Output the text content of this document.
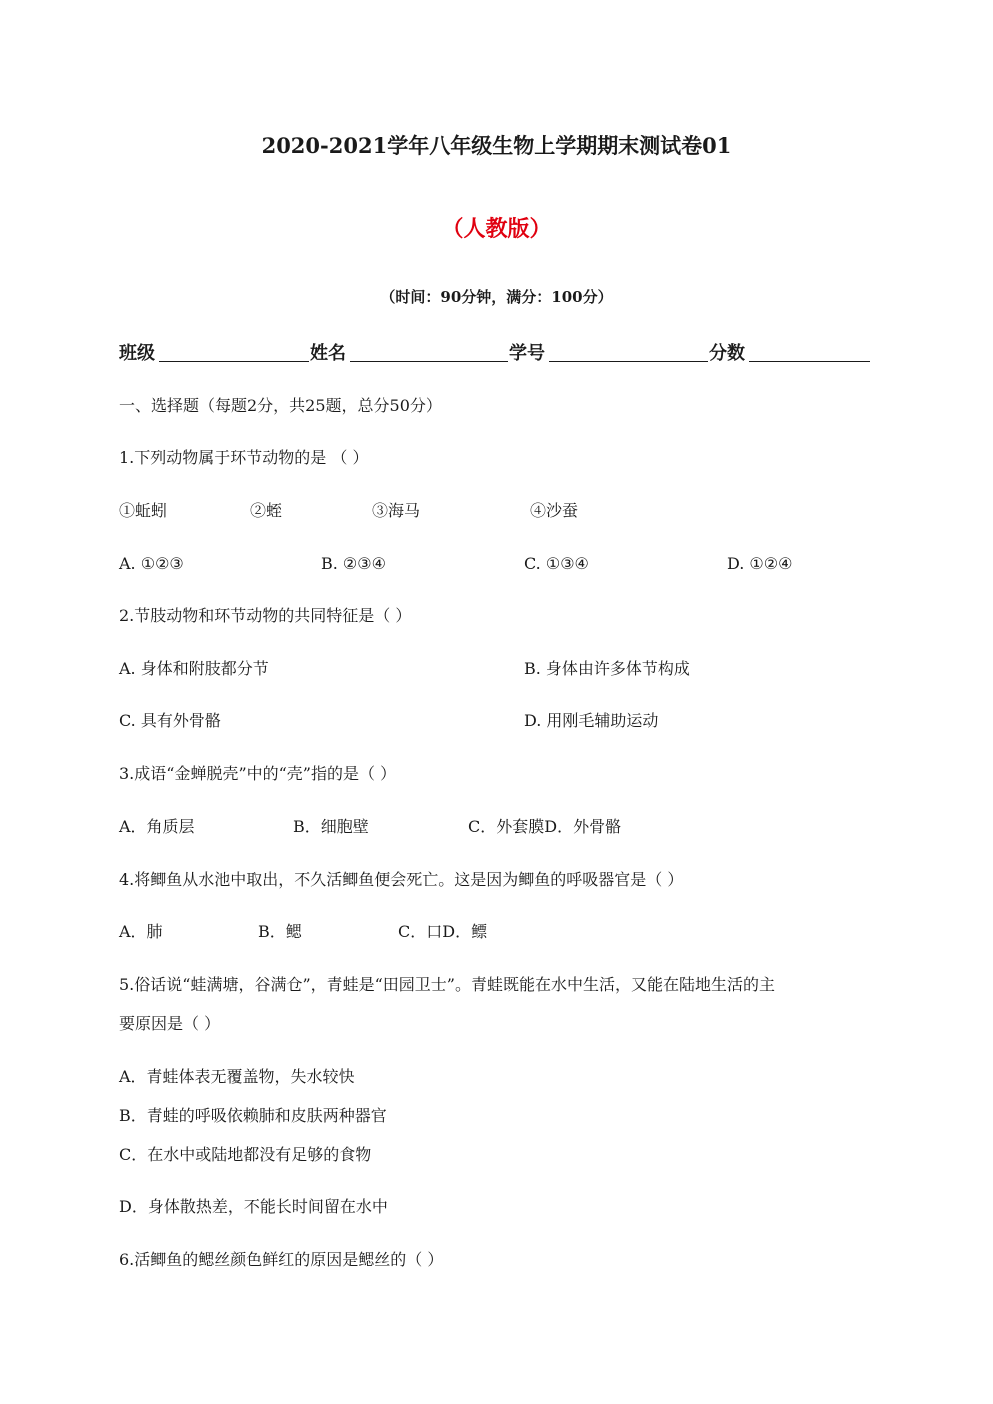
2020-2021学年八年级生物上学期期末测试卷01
（人教版）
（时间：90分钟，满分：100分）
班级	姓名	学号	分数
一、选择题（每题2分，共25题，总分50分）
1.下列动物属于环节动物的是 （ ）
①蚯蚓	②蛭	③海马	④沙蚕
A. ①②③	B. ②③④	C. ①③④	D. ①②④
2.节肢动物和环节动物的共同特征是（ ）
A. 身体和附肢都分节	B. 身体由许多体节构成
C. 具有外骨骼	D. 用刚毛辅助运动
3.成语“金蝉脱壳”中的“壳”指的是（ ）
A．角质层	B．细胞壁	C．外套膜D．外骨骼
4.将鲫鱼从水池中取出，不久活鲫鱼便会死亡。这是因为鲫鱼的呼吸器官是（ ）
A．肺	B．鳃	C．口D．鳔
5.俗话说“蛙满塘，谷满仓”，青蛙是“田园卫士”。青蛙既能在水中生活，又能在陆地生活的主
要原因是（ ）
A．青蛙体表无覆盖物，失水较快
B．青蛙的呼吸依赖肺和皮肤两种器官
C．在水中或陆地都没有足够的食物
D．身体散热差，不能长时间留在水中
6.活鲫鱼的鳃丝颜色鲜红的原因是鳃丝的（ ）
